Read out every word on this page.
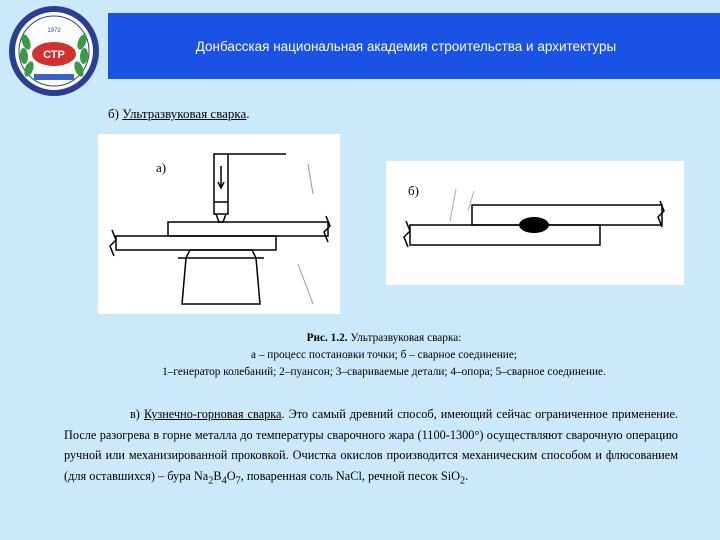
Донбасская национальная академия строительства и архитектуры
1972
СТР
б) Ультразвуковая сварка.
а)
б)
Рис. 1.2. Ультразвуковая сварка:
а – процесс постановки точки; б – сварное соединение;
1–генератор колебаний; 2–пуансон; 3–свариваемые детали; 4–опора; 5–сварное соединение.
в) Кузнечно-горновая сварка. Это самый древний способ, имеющий сейчас ограниченное применение. После разогрева в горне металла до температуры сварочного жара (1100-1300°) осуществляют сварочную операцию ручной или механизированной проковкой. Очистка окислов производится механическим способом и флюсованием (для оставшихся) – бура $Na_2B_4O_7$, поваренная соль NaCl, речной песок SiO$_2$.
